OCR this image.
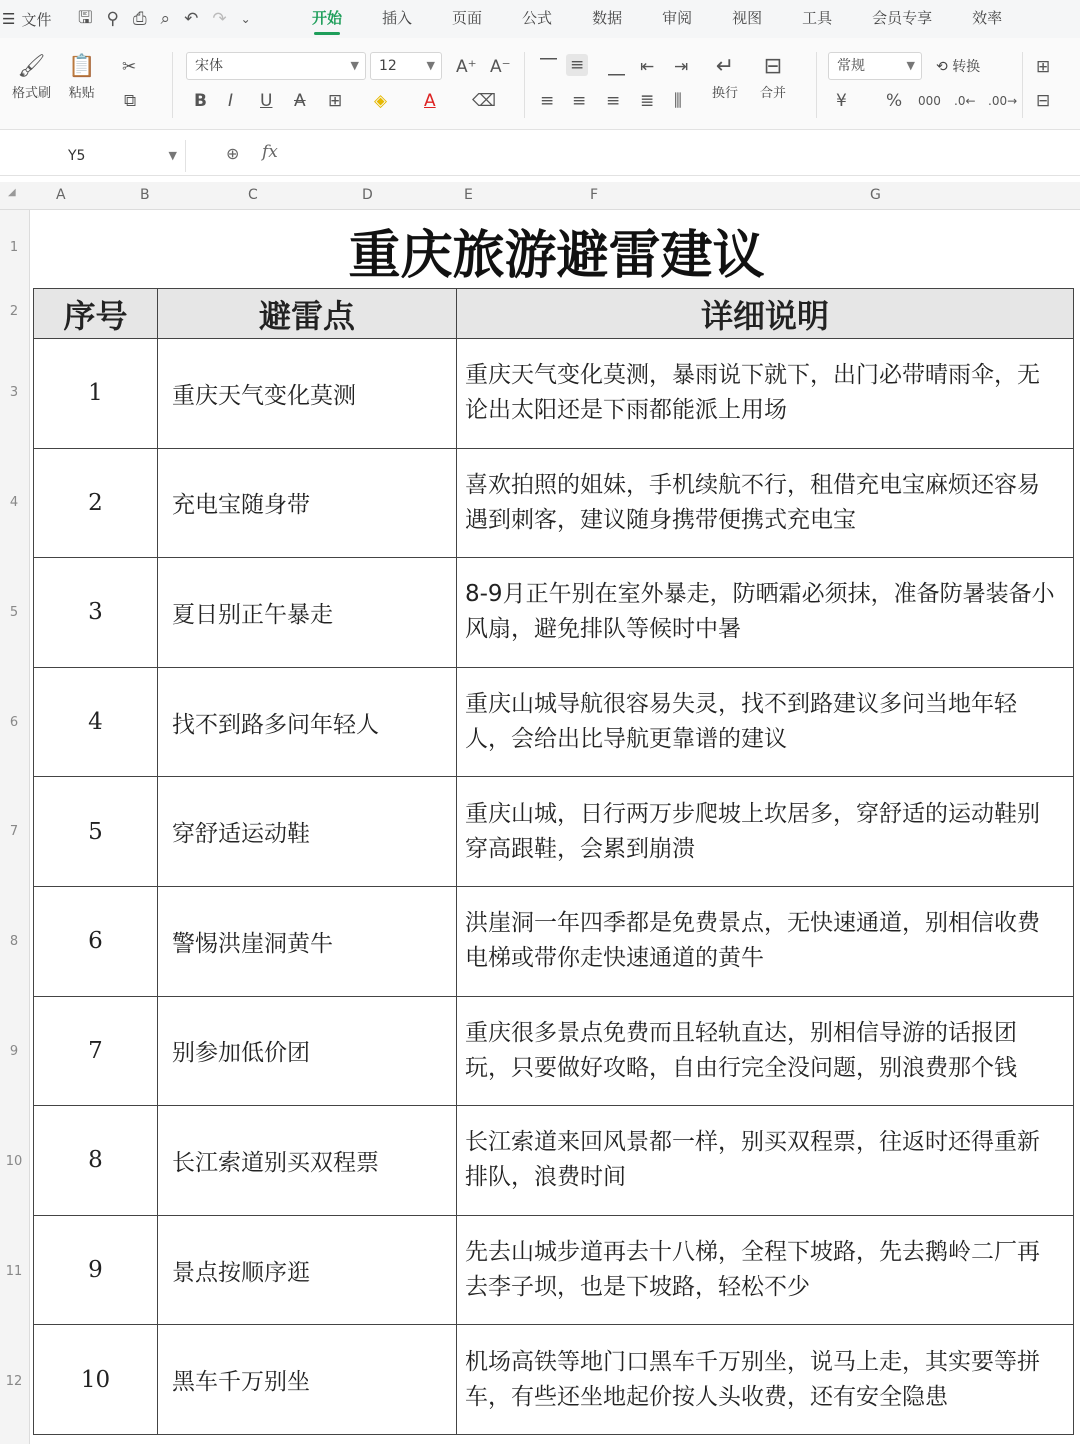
☰ 文件 🖫 ⚲ ⎙ ⌕ ↶ ↷ ⌄	开始	插入	页面	公式	数据	审阅	视图	工具	会员专享	效率
🖌
格式刷
📋
粘贴
✂
⧉
宋体	▼	12	▼ A⁺ A⁻
B I U A ⊞ ◈ A ⌫
⎺ ≡ ⎽ ⇤ ⇥
≡ ≡ ≡ ≣ ⫼
↵
换行
⊟
合并
常规	▼ ⟲ 转换
¥ % 000 .0← .00→
⊞
⊟
Y5	▼	⊕ fx
◢	A	B	C	D	E	F	G
1
2
3
4
5
6
7
8
9
10
11
12
重庆旅游避雷建议
序号	避雷点	详细说明
1	重庆天气变化莫测	重庆天气变化莫测，暴雨说下就下，出门必带晴雨伞，无论出太阳还是下雨都能派上用场
2	充电宝随身带	喜欢拍照的姐妹，手机续航不行，租借充电宝麻烦还容易遇到刺客，建议随身携带便携式充电宝
3	夏日别正午暴走	8-9月正午别在室外暴走，防晒霜必须抹，准备防暑装备小风扇，避免排队等候时中暑
4	找不到路多问年轻人	重庆山城导航很容易失灵，找不到路建议多问当地年轻人，会给出比导航更靠谱的建议
5	穿舒适运动鞋	重庆山城，日行两万步爬坡上坎居多，穿舒适的运动鞋别穿高跟鞋，会累到崩溃
6	警惕洪崖洞黄牛	洪崖洞一年四季都是免费景点，无快速通道，别相信收费电梯或带你走快速通道的黄牛
7	别参加低价团	重庆很多景点免费而且轻轨直达，别相信导游的话报团玩，只要做好攻略，自由行完全没问题，别浪费那个钱
8	长江索道别买双程票	长江索道来回风景都一样，别买双程票，往返时还得重新排队，浪费时间
9	景点按顺序逛	先去山城步道再去十八梯，全程下坡路，先去鹅岭二厂再去李子坝，也是下坡路，轻松不少
10	黑车千万别坐	机场高铁等地门口黑车千万别坐，说马上走，其实要等拼车，有些还坐地起价按人头收费，还有安全隐患
